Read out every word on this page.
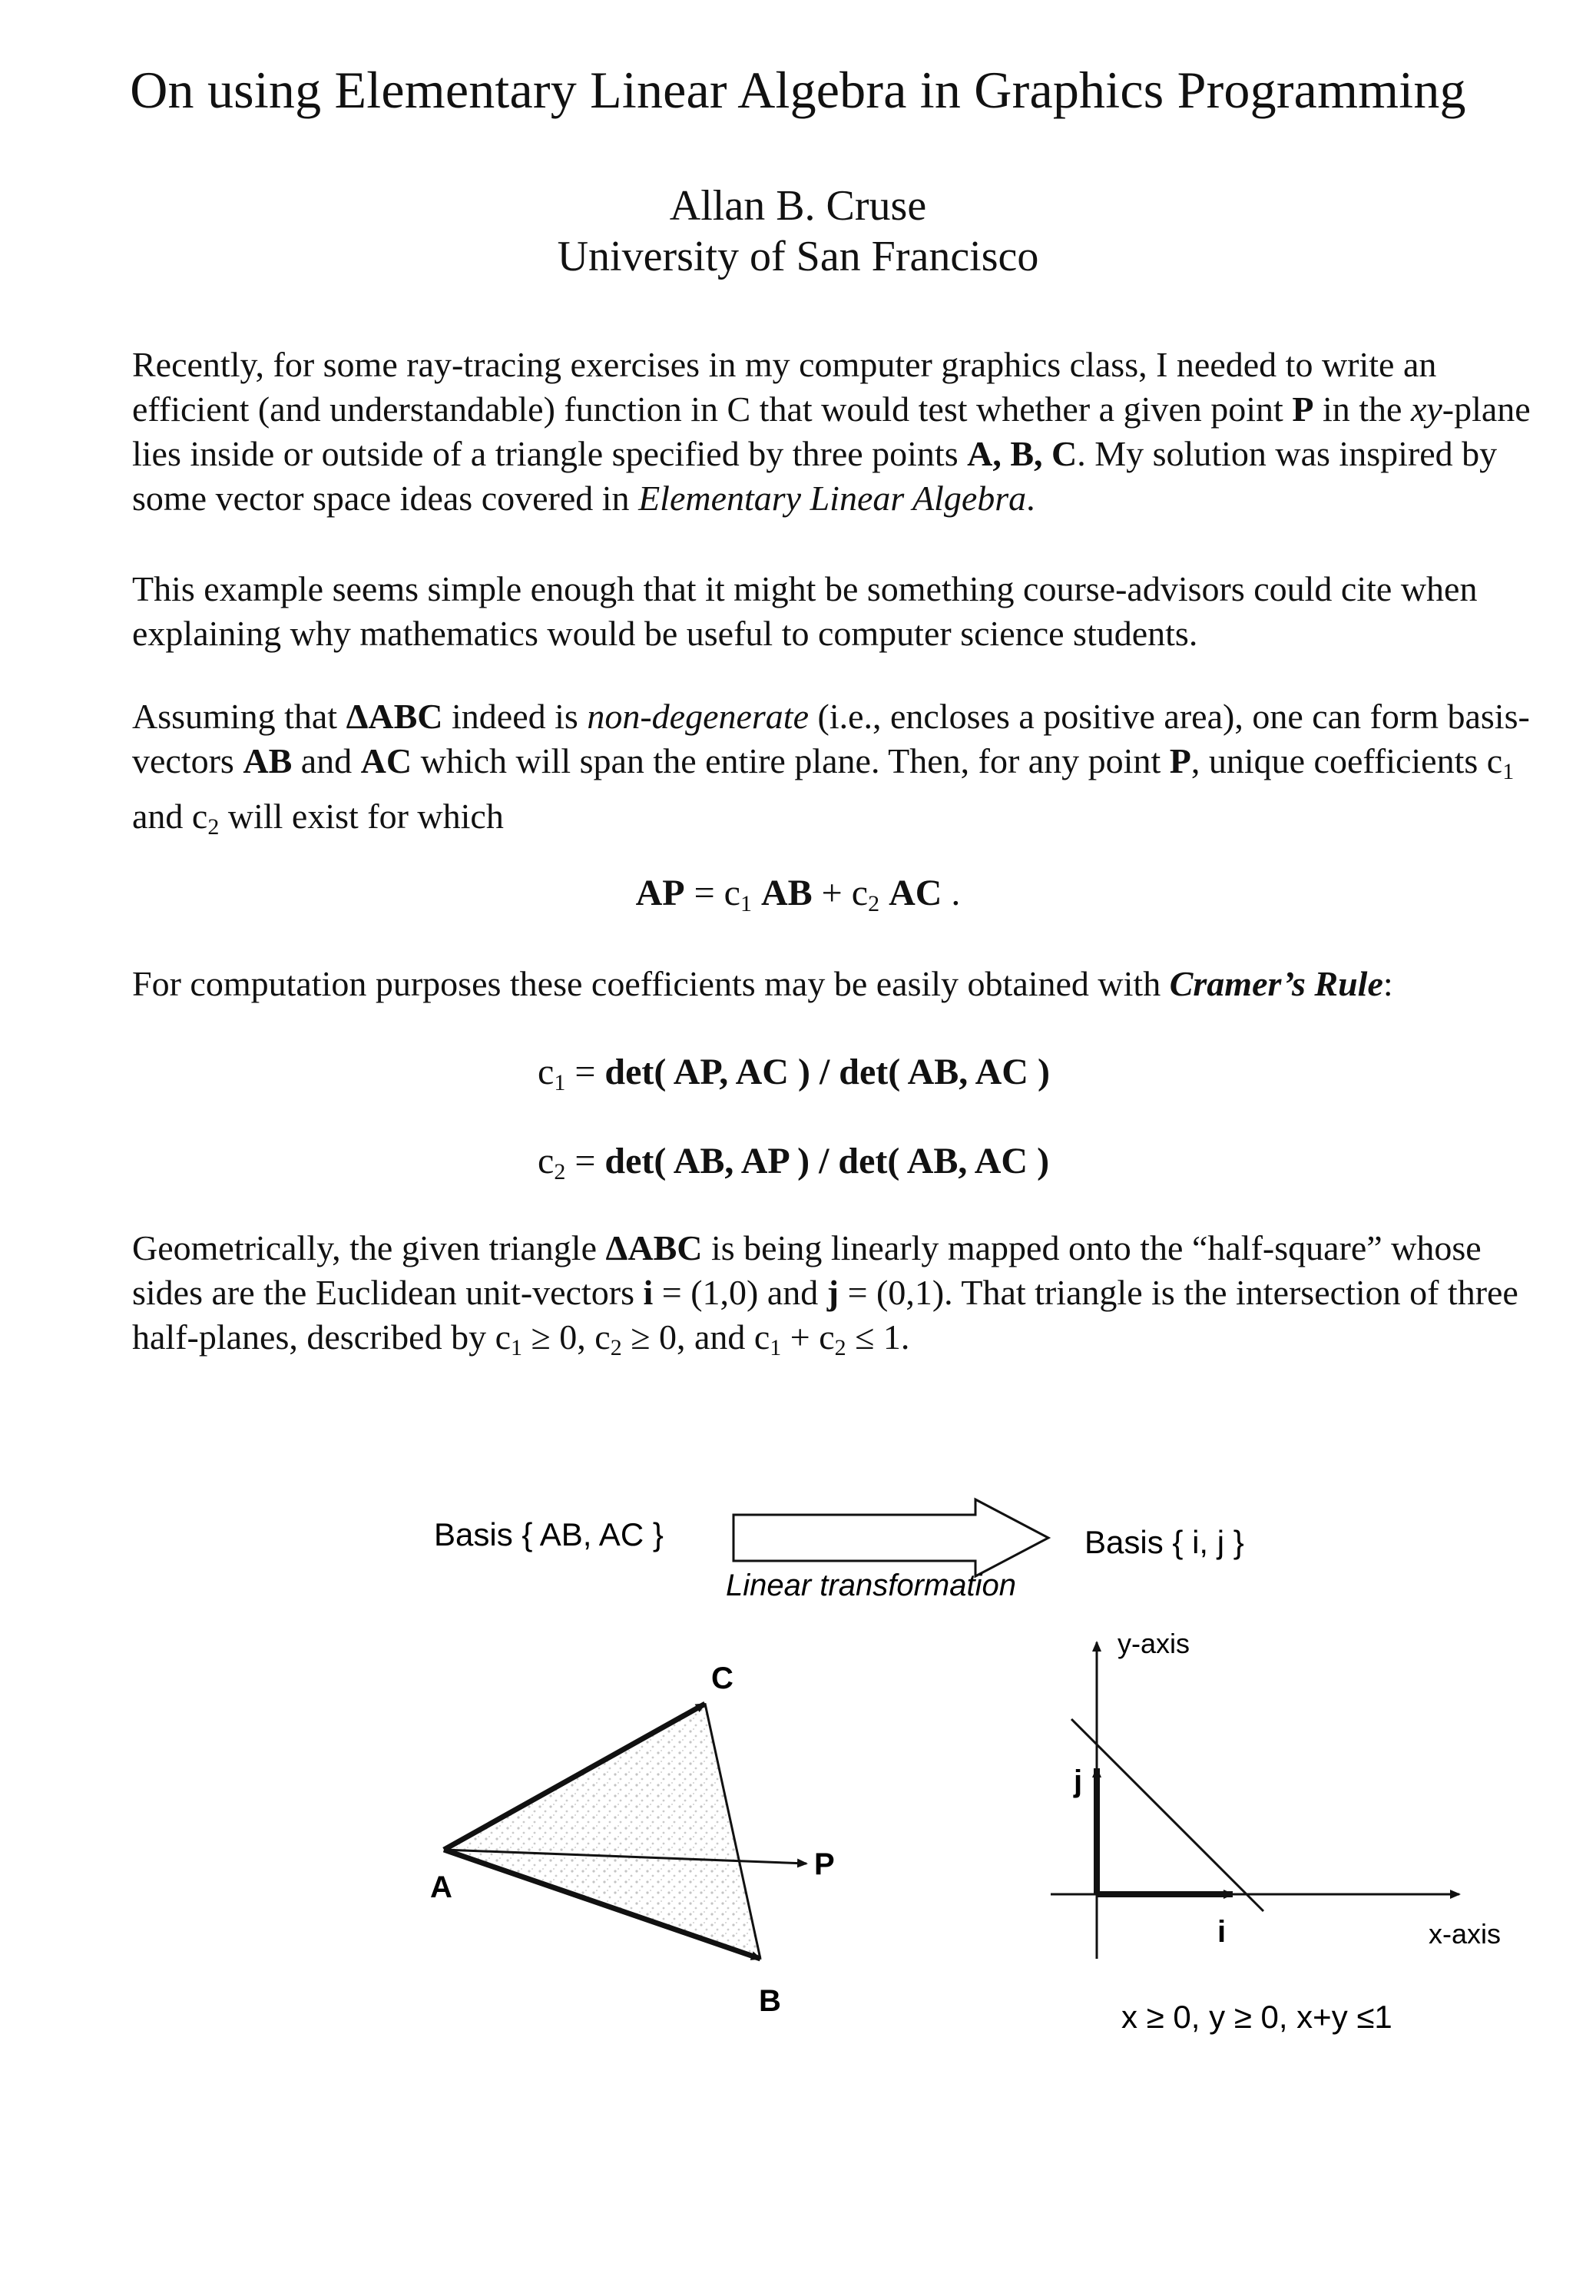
On using Elementary Linear Algebra in Graphics Programming
Allan B. Cruse
University of San Francisco
Recently, for some ray-tracing exercises in my computer graphics class, I needed to write an efficient (and understandable) function in C that would test whether a given point P in the xy-plane lies inside or outside of a triangle specified by three points A, B, C. My solution was inspired by some vector space ideas covered in Elementary Linear Algebra.
This example seems simple enough that it might be something course-advisors could cite when explaining why mathematics would be useful to computer science students.
Assuming that ΔABC indeed is non-degenerate (i.e., encloses a positive area), one can form basis-vectors AB and AC which will span the entire plane. Then, for any point P, unique coefficients $c_1$ and $c_2$ will exist for which
AP = $c_1$ AB + $c_2$ AC .
For computation purposes these coefficients may be easily obtained with Cramer’s Rule:
$c_1 = \det$( AP, AC ) / det( AB, AC )
$c_2 = \det$( AB, AP ) / det( AB, AC )
Geometrically, the given triangle ΔABC is being linearly mapped onto the “half-square” whose sides are the Euclidean unit-vectors i = (1,0) and j = (0,1). That triangle is the intersection of three half-planes, described by $c_1 \ge 0$, $c_2 \ge 0$, and $c_1 + c_2 \le 1$.
Basis { AB, AC }
Linear transformation
Basis { i, j }
A
B
C
P
y-axis
x-axis
i
j
x ≥ 0, y ≥ 0, x+y ≤1
